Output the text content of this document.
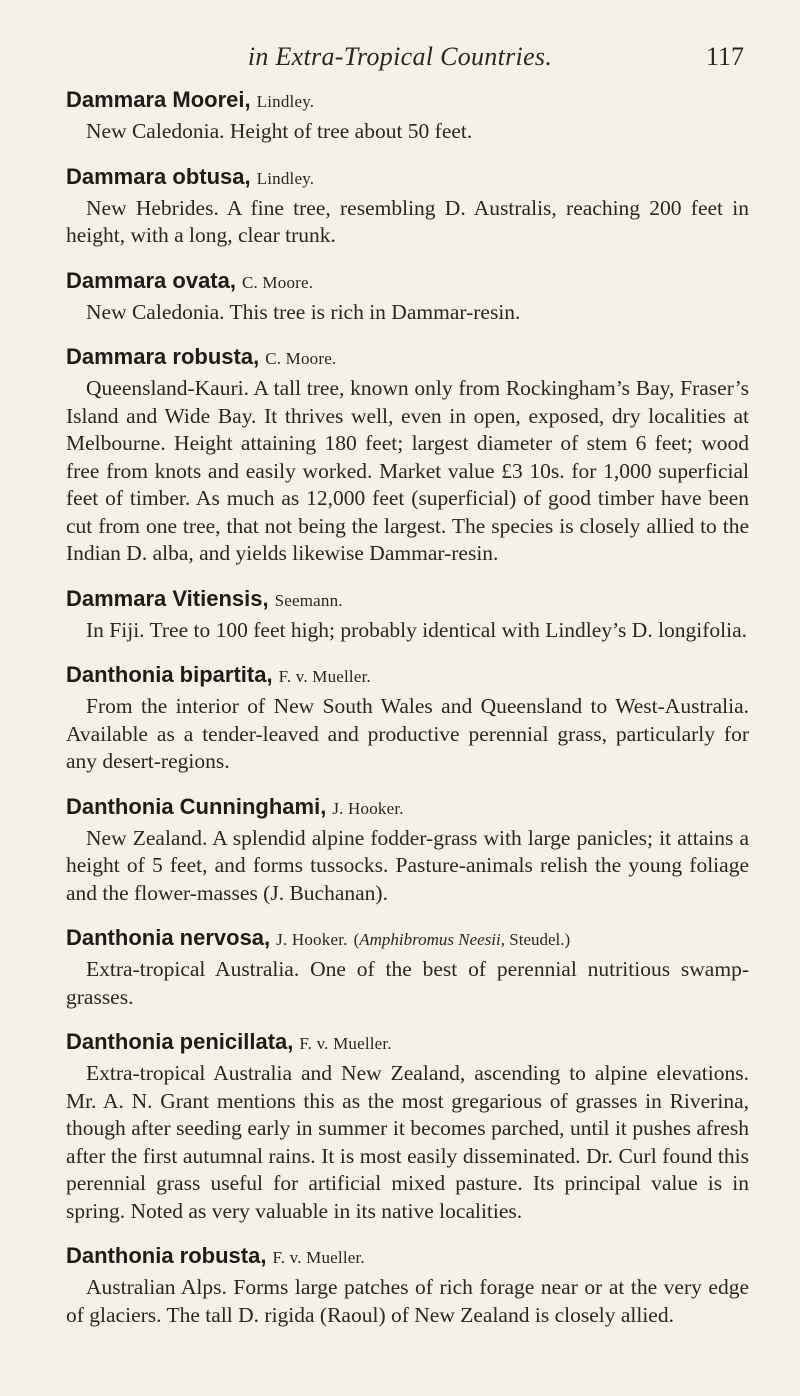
in Extra-Tropical Countries.	117
Dammara Moorei, Lindley.

New Caledonia. Height of tree about 50 feet.

Dammara obtusa, Lindley.

New Hebrides. A fine tree, resembling D. Australis, reaching 200 feet in height, with a long, clear trunk.

Dammara ovata, C. Moore.

New Caledonia. This tree is rich in Dammar-resin.

Dammara robusta, C. Moore.

Queensland-Kauri. A tall tree, known only from Rockingham’s Bay, Fraser’s Island and Wide Bay. It thrives well, even in open, exposed, dry localities at Melbourne. Height attaining 180 feet; largest diameter of stem 6 feet; wood free from knots and easily worked. Market value £3 10s. for 1,000 superficial feet of timber. As much as 12,000 feet (superficial) of good timber have been cut from one tree, that not being the largest. The species is closely allied to the Indian D. alba, and yields likewise Dammar-resin.

Dammara Vitiensis, Seemann.

In Fiji. Tree to 100 feet high; probably identical with Lindley’s D. longifolia.

Danthonia bipartita, F. v. Mueller.

From the interior of New South Wales and Queensland to West-Australia. Available as a tender-leaved and productive perennial grass, particularly for any desert-regions.

Danthonia Cunninghami, J. Hooker.

New Zealand. A splendid alpine fodder-grass with large panicles; it attains a height of 5 feet, and forms tussocks. Pasture-animals relish the young foliage and the flower-masses (J. Buchanan).

Danthonia nervosa, J. Hooker. (Amphibromus Neesii, Steudel.)

Extra-tropical Australia. One of the best of perennial nutritious swamp-grasses.

Danthonia penicillata, F. v. Mueller.

Extra-tropical Australia and New Zealand, ascending to alpine elevations. Mr. A. N. Grant mentions this as the most gregarious of grasses in Riverina, though after seeding early in summer it becomes parched, until it pushes afresh after the first autumnal rains. It is most easily disseminated. Dr. Curl found this perennial grass useful for artificial mixed pasture. Its principal value is in spring. Noted as very valuable in its native localities.

Danthonia robusta, F. v. Mueller.

Australian Alps. Forms large patches of rich forage near or at the very edge of glaciers. The tall D. rigida (Raoul) of New Zealand is closely allied.
